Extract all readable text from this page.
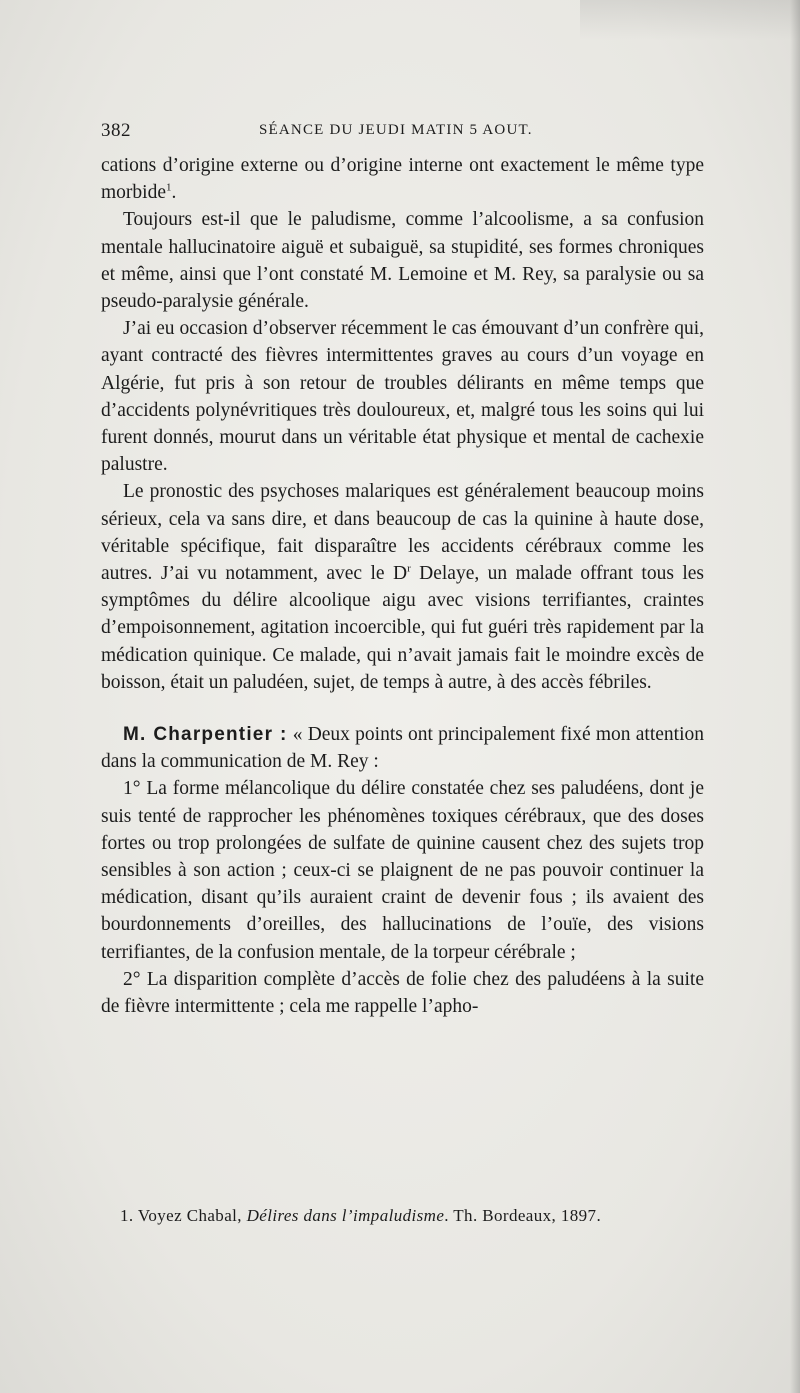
382	SÉANCE DU JEUDI MATIN 5 AOUT.

cations d’origine externe ou d’origine interne ont exactement le même type morbide$^1$.

Toujours est-il que le paludisme, comme l’alcoolisme, a sa confusion mentale hallucinatoire aiguë et subaiguë, sa stupidité, ses formes chroniques et même, ainsi que l’ont constaté M. Lemoine et M. Rey, sa paralysie ou sa pseudo-paralysie générale.

J’ai eu occasion d’observer récemment le cas émouvant d’un confrère qui, ayant contracté des fièvres intermittentes graves au cours d’un voyage en Algérie, fut pris à son retour de troubles délirants en même temps que d’accidents polynévritiques très douloureux, et, malgré tous les soins qui lui furent donnés, mourut dans un véritable état physique et mental de cachexie palustre.

Le pronostic des psychoses malariques est généralement beaucoup moins sérieux, cela va sans dire, et dans beaucoup de cas la quinine à haute dose, véritable spécifique, fait disparaître les accidents cérébraux comme les autres. J’ai vu notamment, avec le $D^r$ Delaye, un malade offrant tous les symptômes du délire alcoolique aigu avec visions terrifiantes, craintes d’empoisonnement, agitation incoercible, qui fut guéri très rapidement par la médication quinique. Ce malade, qui n’avait jamais fait le moindre excès de boisson, était un paludéen, sujet, de temps à autre, à des accès fébriles.

M. Charpentier : « Deux points ont principalement fixé mon attention dans la communication de M. Rey :

1° La forme mélancolique du délire constatée chez ses paludéens, dont je suis tenté de rapprocher les phénomènes toxiques cérébraux, que des doses fortes ou trop prolongées de sulfate de quinine causent chez des sujets trop sensibles à son action ; ceux-ci se plaignent de ne pas pouvoir continuer la médication, disant qu’ils auraient craint de devenir fous ; ils avaient des bourdonnements d’oreilles, des hallucinations de l’ouïe, des visions terrifiantes, de la confusion mentale, de la torpeur cérébrale ;

2° La disparition complète d’accès de folie chez des paludéens à la suite de fièvre intermittente ; cela me rappelle l’apho-

1. Voyez Chabal, Délires dans l’impaludisme. Th. Bordeaux, 1897.
